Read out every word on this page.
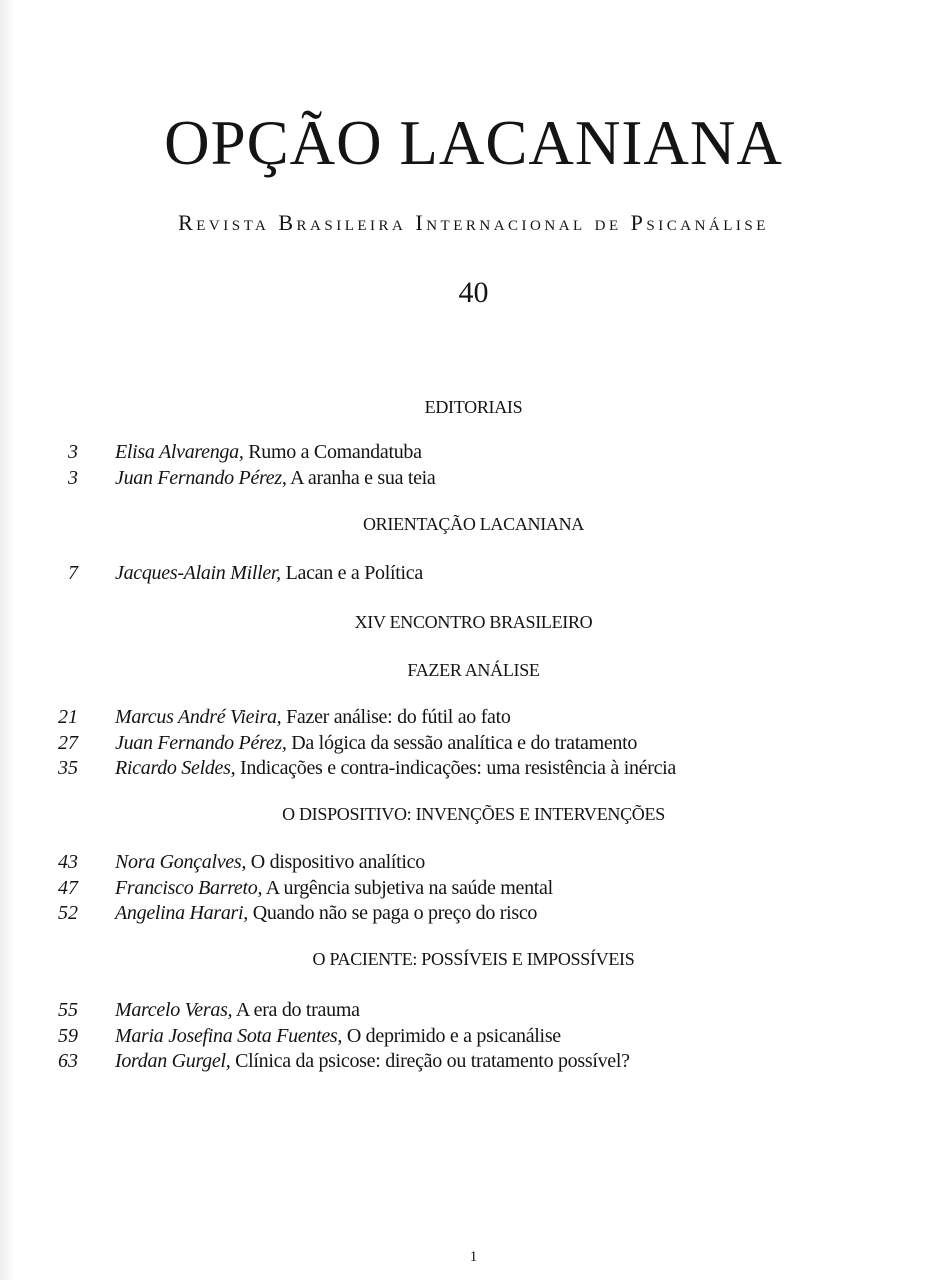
OPÇÃO LACANIANA
Revista Brasileira Internacional de Psicanálise
40
EDITORIAIS
3 Elisa Alvarenga, Rumo a Comandatuba
3 Juan Fernando Pérez, A aranha e sua teia
ORIENTAÇÃO LACANIANA
7 Jacques-Alain Miller, Lacan e a Política
XIV ENCONTRO BRASILEIRO
FAZER ANÁLISE
21 Marcus André Vieira, Fazer análise: do fútil ao fato
27 Juan Fernando Pérez, Da lógica da sessão analítica e do tratamento
35 Ricardo Seldes, Indicações e contra-indicações: uma resistência à inércia
O DISPOSITIVO: INVENÇÕES E INTERVENÇÕES
43 Nora Gonçalves, O dispositivo analítico
47 Francisco Barreto, A urgência subjetiva na saúde mental
52 Angelina Harari, Quando não se paga o preço do risco
O PACIENTE: POSSÍVEIS E IMPOSSÍVEIS
55 Marcelo Veras, A era do trauma
59 Maria Josefina Sota Fuentes, O deprimido e a psicanálise
63 Iordan Gurgel, Clínica da psicose: direção ou tratamento possível?
1
